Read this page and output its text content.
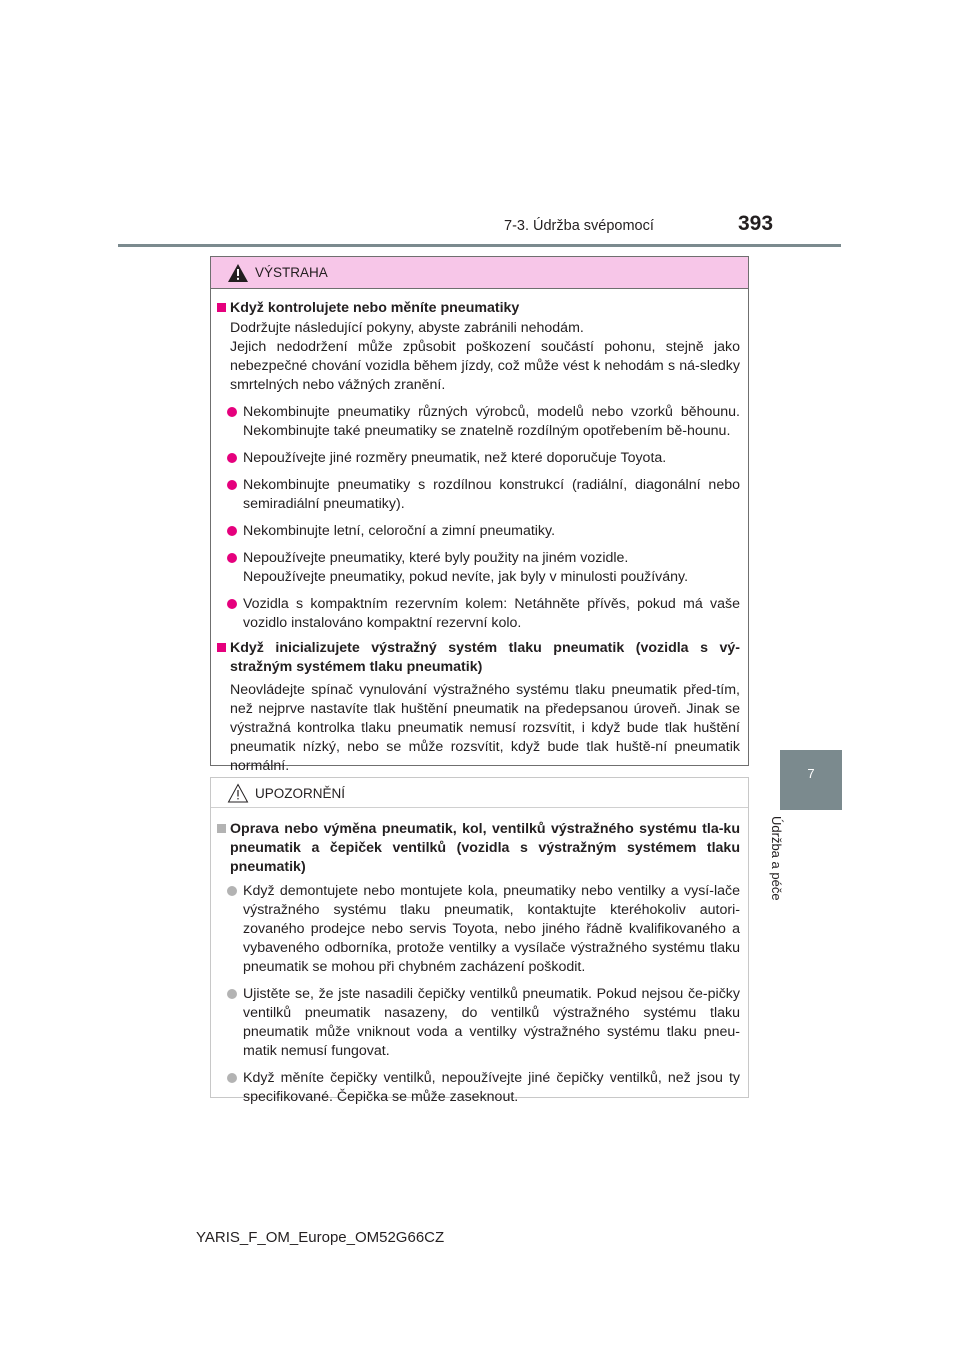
7-3. Údržba svépomocí	393
7
Údržba a péče
VÝSTRAHA
Když kontrolujete nebo měníte pneumatiky
Dodržujte následující pokyny, abyste zabránili nehodám.
Jejich nedodržení může způsobit poškození součástí pohonu, stejně jako nebezpečné chování vozidla během jízdy, což může vést k nehodám s ná-sledky smrtelných nebo vážných zranění.
Nekombinujte pneumatiky různých výrobců, modelů nebo vzorků běhounu. Nekombinujte také pneumatiky se znatelně rozdílným opotřebením bě-hounu.
Nepoužívejte jiné rozměry pneumatik, než které doporučuje Toyota.
Nekombinujte pneumatiky s rozdílnou konstrukcí (radiální, diagonální nebo semiradiální pneumatiky).
Nekombinujte letní, celoroční a zimní pneumatiky.
Nepoužívejte pneumatiky, které byly použity na jiném vozidle.
Nepoužívejte pneumatiky, pokud nevíte, jak byly v minulosti používány.
Vozidla s kompaktním rezervním kolem: Netáhněte přívěs, pokud má vaše vozidlo instalováno kompaktní rezervní kolo.
Když inicializujete výstražný systém tlaku pneumatik (vozidla s vý-stražným systémem tlaku pneumatik)
Neovládejte spínač vynulování výstražného systému tlaku pneumatik před-tím, než nejprve nastavíte tlak huštění pneumatik na předepsanou úroveň. Jinak se výstražná kontrolka tlaku pneumatik nemusí rozsvítit, i když bude tlak huštění pneumatik nízký, nebo se může rozsvítit, když bude tlak huště-ní pneumatik normální.
UPOZORNĚNÍ
Oprava nebo výměna pneumatik, kol, ventilků výstražného systému tla-ku pneumatik a čepiček ventilků (vozidla s výstražným systémem tlaku pneumatik)
Když demontujete nebo montujete kola, pneumatiky nebo ventilky a vysí-lače výstražného systému tlaku pneumatik, kontaktujte kteréhokoliv autori-zovaného prodejce nebo servis Toyota, nebo jiného řádně kvalifikovaného a vybaveného odborníka, protože ventilky a vysílače výstražného systému tlaku pneumatik se mohou při chybném zacházení poškodit.
Ujistěte se, že jste nasadili čepičky ventilků pneumatik. Pokud nejsou če-pičky ventilků pneumatik nasazeny, do ventilků výstražného systému tlaku pneumatik může vniknout voda a ventilky výstražného systému tlaku pneu-matik nemusí fungovat.
Když měníte čepičky ventilků, nepoužívejte jiné čepičky ventilků, než jsou ty specifikované. Čepička se může zaseknout.
YARIS_F_OM_Europe_OM52G66CZ
